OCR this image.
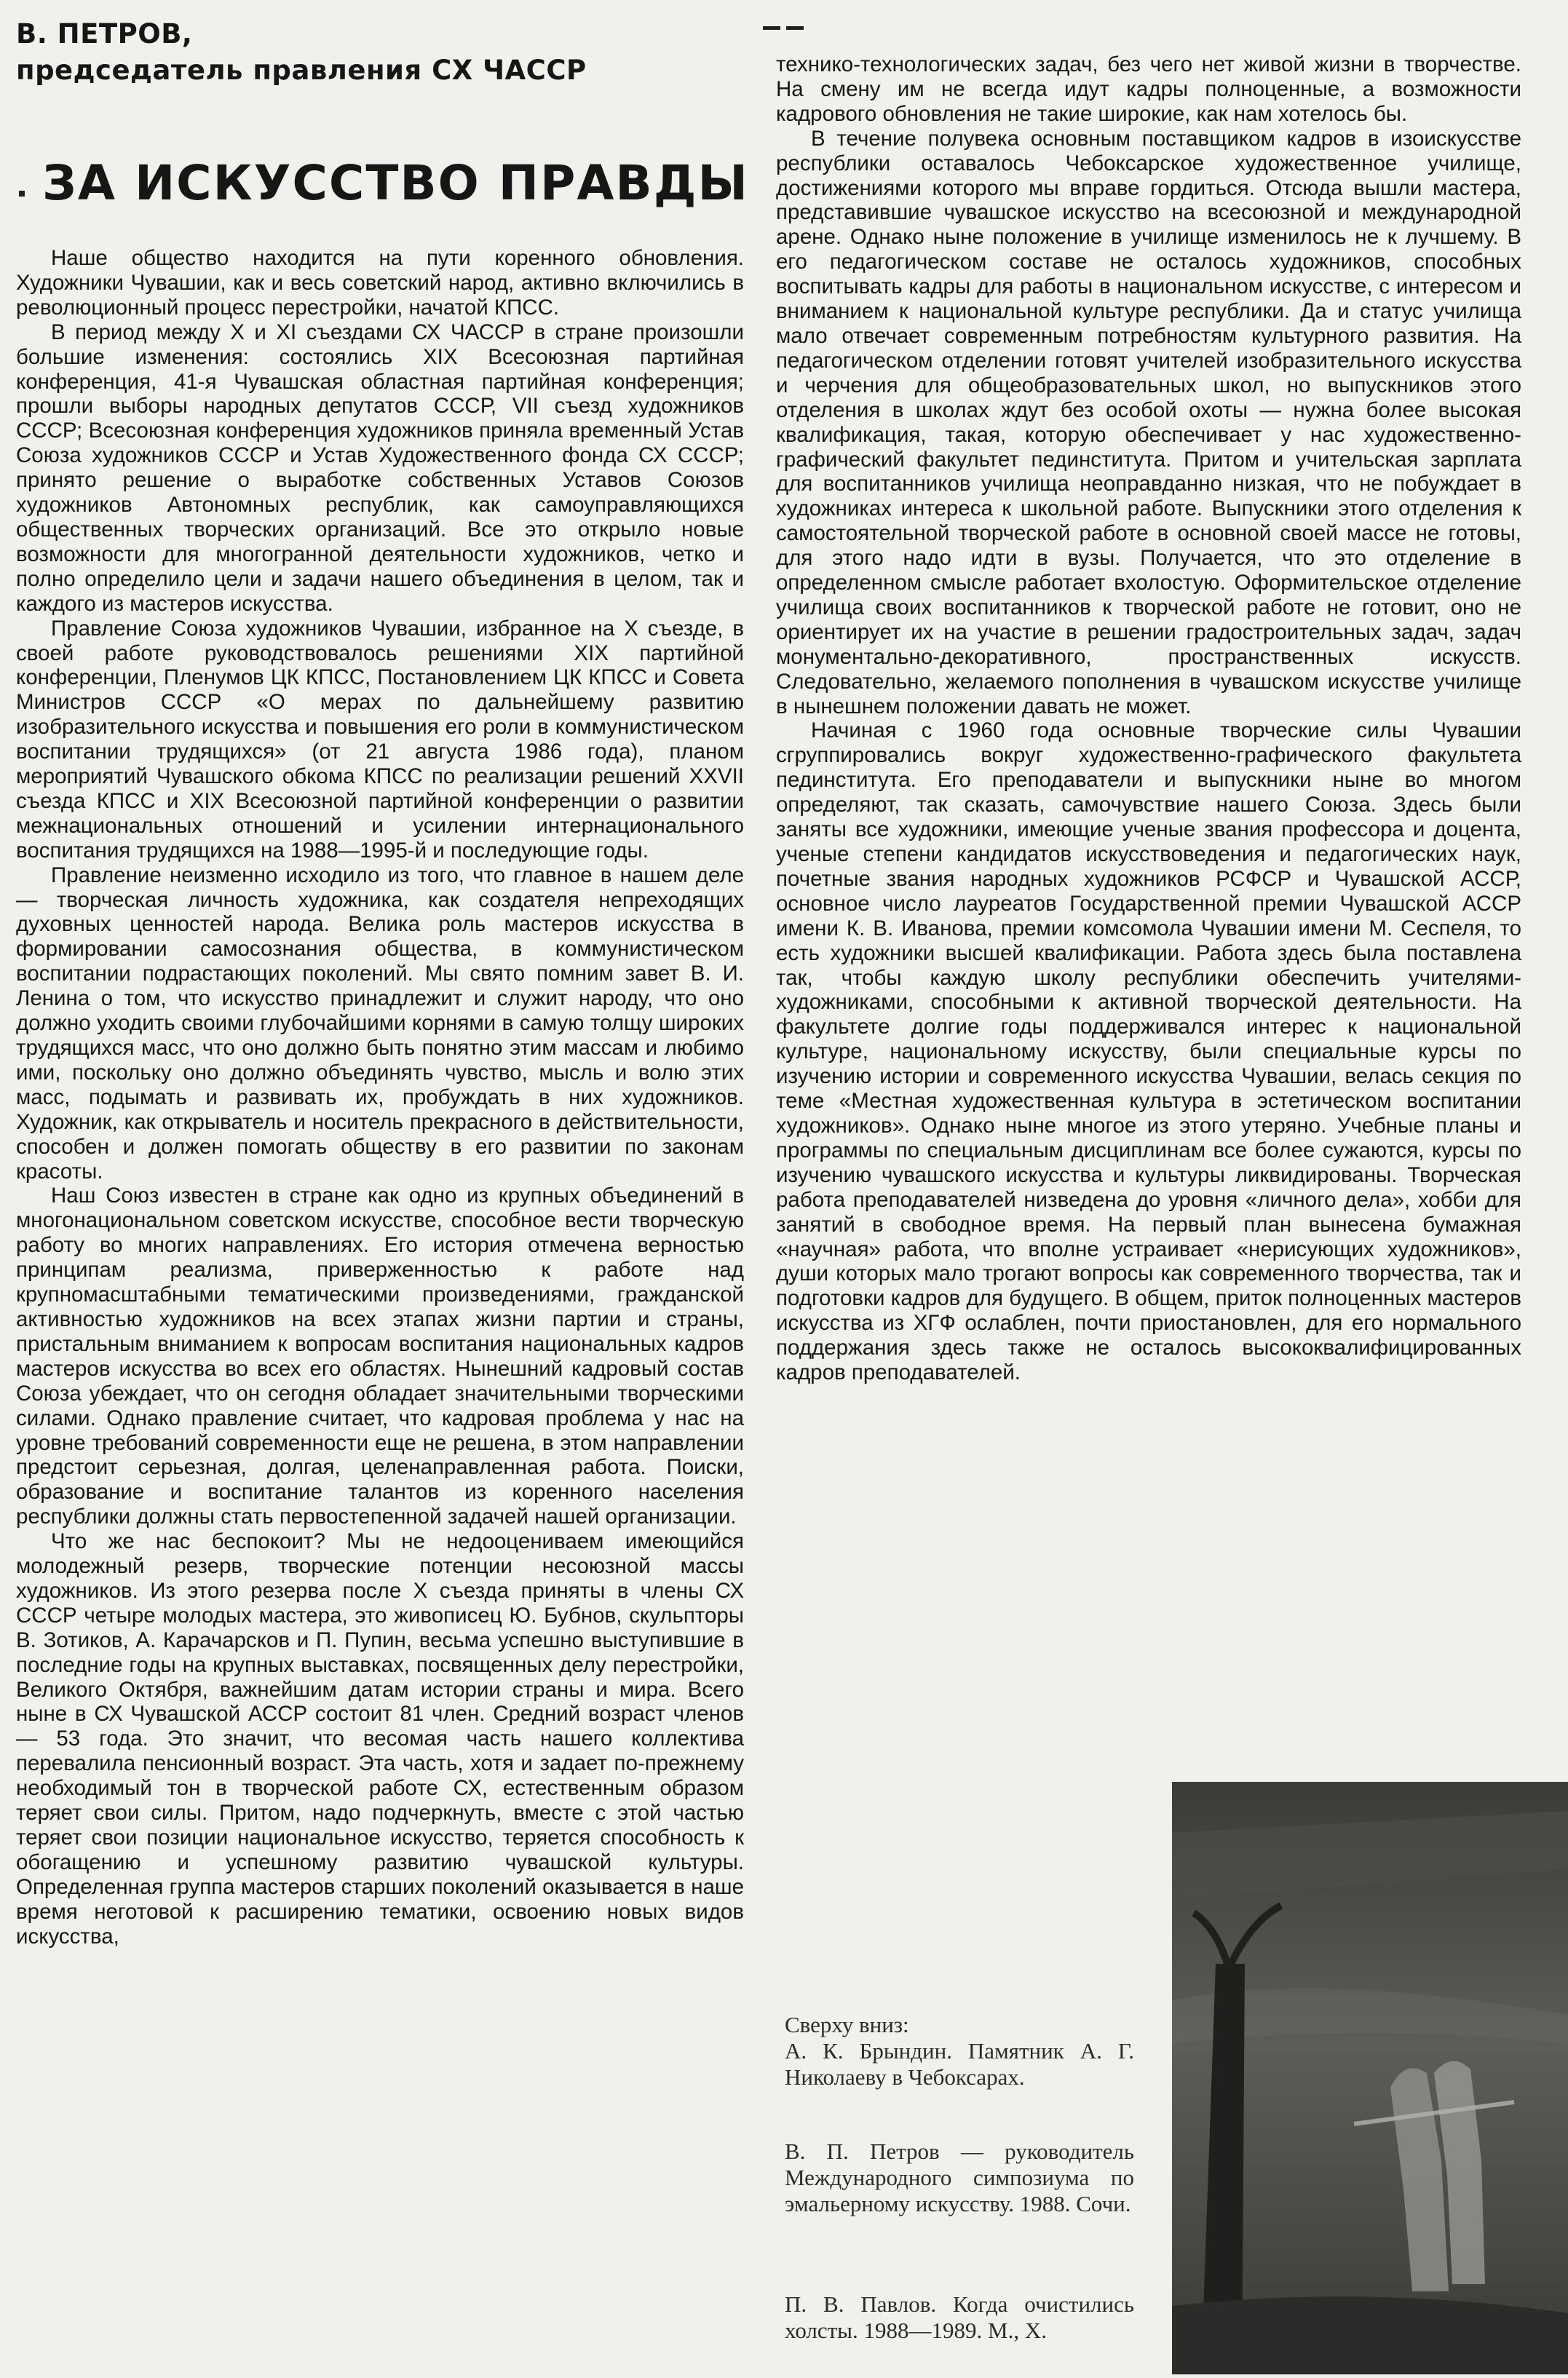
В. ПЕТРОВ,
председатель правления СХ ЧАССР
ЗА ИСКУССТВО ПРАВДЫ

Наше общество находится на пути коренного обновления. Художники Чувашии, как и весь советский народ, активно включились в революционный процесс перестройки, начатой КПСС.

В период между X и XI съездами СХ ЧАССР в стране произошли большие изменения: состоялись XIX Всесоюзная партийная конференция, 41-я Чувашская областная партийная конференция; прошли выборы народных депутатов СССР, VII съезд художников СССР; Всесоюзная конференция художников приняла временный Устав Союза художников СССР и Устав Художественного фонда СХ СССР; принято решение о выработке собственных Уставов Союзов художников Автономных республик, как самоуправляющихся общественных творческих организаций. Все это открыло новые возможности для многогранной деятельности художников, четко и полно определило цели и задачи нашего объединения в целом, так и каждого из мастеров искусства.

Правление Союза художников Чувашии, избранное на X съезде, в своей работе руководствовалось решениями XIX партийной конференции, Пленумов ЦК КПСС, Постановлением ЦК КПСС и Совета Министров СССР «О мерах по дальнейшему развитию изобразительного искусства и повышения его роли в коммунистическом воспитании трудящихся» (от 21 августа 1986 года), планом мероприятий Чувашского обкома КПСС по реализации решений XXVII съезда КПСС и XIX Всесоюзной партийной конференции о развитии межнациональных отношений и усилении интернационального воспитания трудящихся на 1988—1995-й и последующие годы.

Правление неизменно исходило из того, что главное в нашем деле — творческая личность художника, как создателя непреходящих духовных ценностей народа. Велика роль мастеров искусства в формировании самосознания общества, в коммунистическом воспитании подрастающих поколений. Мы свято помним завет В. И. Ленина о том, что искусство принадлежит и служит народу, что оно должно уходить своими глубочайшими корнями в самую толщу широких трудящихся масс, что оно должно быть понятно этим массам и любимо ими, поскольку оно должно объединять чувство, мысль и волю этих масс, подымать и развивать их, пробуждать в них художников. Художник, как открыватель и носитель прекрасного в действительности, способен и должен помогать обществу в его развитии по законам красоты.

Наш Союз известен в стране как одно из крупных объединений в многонациональном советском искусстве, способное вести творческую работу во многих направлениях. Его история отмечена верностью принципам реализма, приверженностью к работе над крупномасштабными тематическими произведениями, гражданской активностью художников на всех этапах жизни партии и страны, пристальным вниманием к вопросам воспитания национальных кадров мастеров искусства во всех его областях. Нынешний кадровый состав Союза убеждает, что он сегодня обладает значительными творческими силами. Однако правление считает, что кадровая проблема у нас на уровне требований современности еще не решена, в этом направлении предстоит серьезная, долгая, целенаправленная работа. Поиски, образование и воспитание талантов из коренного населения республики должны стать первостепенной задачей нашей организации.

Что же нас беспокоит? Мы не недооцениваем имеющийся молодежный резерв, творческие потенции несоюзной массы художников. Из этого резерва после X съезда приняты в члены СХ СССР четыре молодых мастера, это живописец Ю. Бубнов, скульпторы В. Зотиков, А. Карачарсков и П. Пупин, весьма успешно выступившие в последние годы на крупных выставках, посвященных делу перестройки, Великого Октября, важнейшим датам истории страны и мира. Всего ныне в СХ Чувашской АССР состоит 81 член. Средний возраст членов — 53 года. Это значит, что весомая часть нашего коллектива перевалила пенсионный возраст. Эта часть, хотя и задает по-прежнему необходимый тон в творческой работе СХ, естественным образом теряет свои силы. Притом, надо подчеркнуть, вместе с этой частью теряет свои позиции национальное искусство, теряется способность к обогащению и успешному развитию чувашской культуры. Определенная группа мастеров старших поколений оказывается в наше время неготовой к расширению тематики, освоению новых видов искусства,

технико-технологических задач, без чего нет живой жизни в творчестве. На смену им не всегда идут кадры полноценные, а возможности кадрового обновления не такие широкие, как нам хотелось бы.

В течение полувека основным поставщиком кадров в изоискусстве республики оставалось Чебоксарское художественное училище, достижениями которого мы вправе гордиться. Отсюда вышли мастера, представившие чувашское искусство на всесоюзной и международной арене. Однако ныне положение в училище изменилось не к лучшему. В его педагогическом составе не осталось художников, способных воспитывать кадры для работы в национальном искусстве, с интересом и вниманием к национальной культуре республики. Да и статус училища мало отвечает современным потребностям культурного развития. На педагогическом отделении готовят учителей изобразительного искусства и черчения для общеобразовательных школ, но выпускников этого отделения в школах ждут без особой охоты — нужна более высокая квалификация, такая, которую обеспечивает у нас художественно-графический факультет пединститута. Притом и учительская зарплата для воспитанников училища неоправданно низкая, что не побуждает в художниках интереса к школьной работе. Выпускники этого отделения к самостоятельной творческой работе в основной своей массе не готовы, для этого надо идти в вузы. Получается, что это отделение в определенном смысле работает вхолостую. Оформительское отделение училища своих воспитанников к творческой работе не готовит, оно не ориентирует их на участие в решении градостроительных задач, задач монументально-декоративного, пространственных искусств. Следовательно, желаемого пополнения в чувашском искусстве училище в нынешнем положении давать не может.

Начиная с 1960 года основные творческие силы Чувашии сгруппировались вокруг художественно-графического факультета пединститута. Его преподаватели и выпускники ныне во многом определяют, так сказать, самочувствие нашего Союза. Здесь были заняты все художники, имеющие ученые звания профессора и доцента, ученые степени кандидатов искусствоведения и педагогических наук, почетные звания народных художников РСФСР и Чувашской АССР, основное число лауреатов Государственной премии Чувашской АССР имени К. В. Иванова, премии комсомола Чувашии имени М. Сеспеля, то есть художники высшей квалификации. Работа здесь была поставлена так, чтобы каждую школу республики обеспечить учителями-художниками, способными к активной творческой деятельности. На факультете долгие годы поддерживался интерес к национальной культуре, национальному искусству, были специальные курсы по изучению истории и современного искусства Чувашии, велась секция по теме «Местная художественная культура в эстетическом воспитании художников». Однако ныне многое из этого утеряно. Учебные планы и программы по специальным дисциплинам все более сужаются, курсы по изучению чувашского искусства и культуры ликвидированы. Творческая работа преподавателей низведена до уровня «личного дела», хобби для занятий в свободное время. На первый план вынесена бумажная «научная» работа, что вполне устраивает «нерисующих художников», души которых мало трогают вопросы как современного творчества, так и подготовки кадров для будущего. В общем, приток полноценных мастеров искусства из ХГФ ослаблен, почти приостановлен, для его нормального поддержания здесь также не осталось высококвалифицированных кадров преподавателей.

Сверху вниз:
А. К. Брындин. Памятник А. Г. Николаеву в Чебоксарах.
В. П. Петров — руководитель Международного симпозиума по эмальерному искусству. 1988. Сочи.
П. В. Павлов. Когда очистились холсты. 1988—1989. М., Х.
